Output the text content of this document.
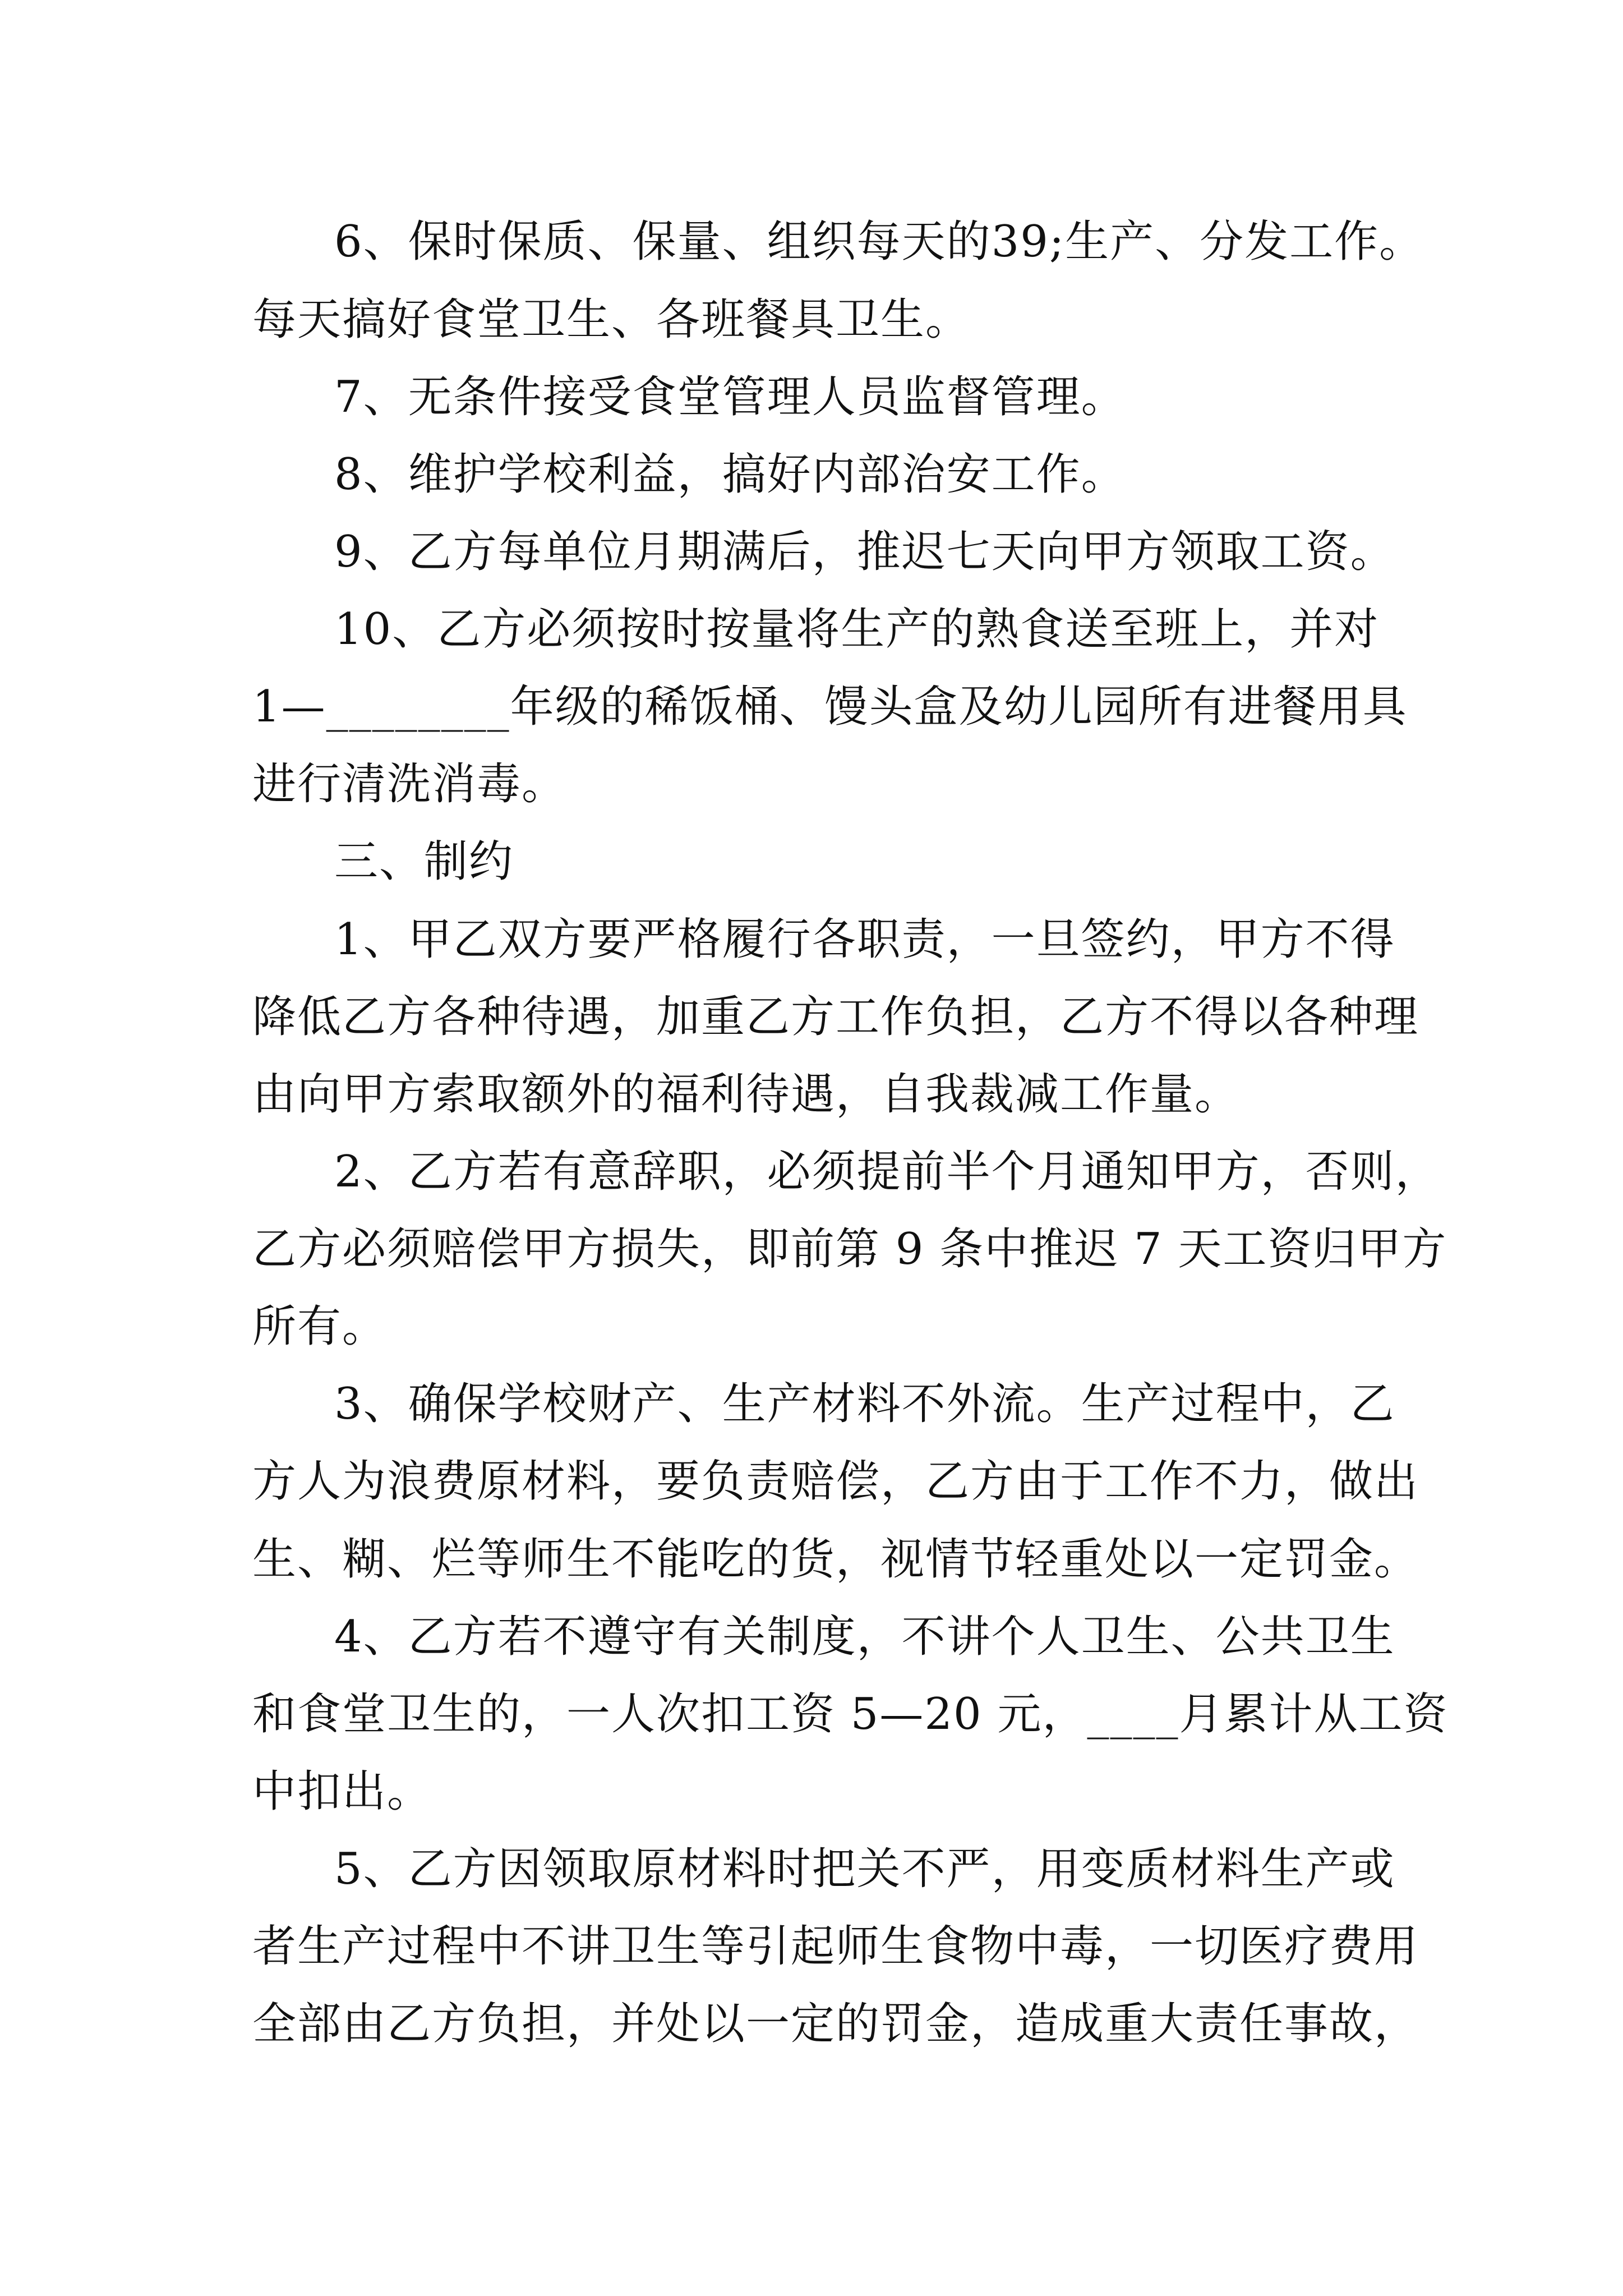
6、保时保质、保量、组织每天的39;生产、分发工作。
每天搞好食堂卫生、各班餐具卫生。
7、无条件接受食堂管理人员监督管理。
8、维护学校利益，搞好内部治安工作。
9、乙方每单位月期满后，推迟七天向甲方领取工资。
10、乙方必须按时按量将生产的熟食送至班上，并对
1—________年级的稀饭桶、馒头盒及幼儿园所有进餐用具
进行清洗消毒。
三、制约
1、甲乙双方要严格履行各职责，一旦签约，甲方不得
降低乙方各种待遇，加重乙方工作负担，乙方不得以各种理
由向甲方索取额外的福利待遇，自我裁减工作量。
2、乙方若有意辞职，必须提前半个月通知甲方，否则，
乙方必须赔偿甲方损失，即前第 9 条中推迟 7 天工资归甲方
所有。
3、确保学校财产、生产材料不外流。生产过程中，乙
方人为浪费原材料，要负责赔偿，乙方由于工作不力，做出
生、糊、烂等师生不能吃的货，视情节轻重处以一定罚金。
4、乙方若不遵守有关制度，不讲个人卫生、公共卫生
和食堂卫生的，一人次扣工资 5—20 元，____月累计从工资
中扣出。
5、乙方因领取原材料时把关不严，用变质材料生产或
者生产过程中不讲卫生等引起师生食物中毒，一切医疗费用
全部由乙方负担，并处以一定的罚金，造成重大责任事故，
